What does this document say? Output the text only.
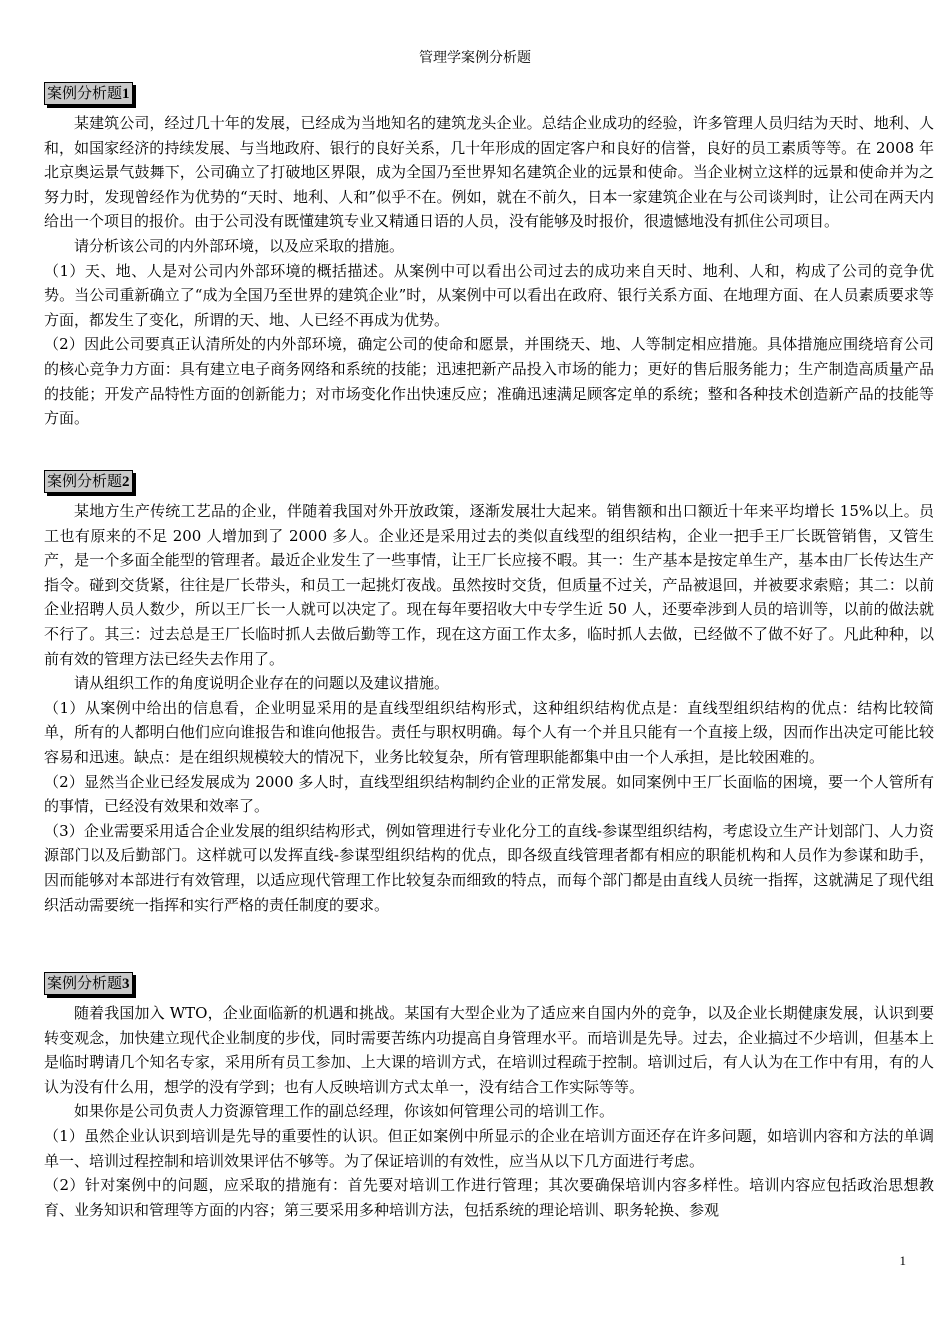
管理学案例分析题
案例分析题1

某建筑公司，经过几十年的发展，已经成为当地知名的建筑龙头企业。总结企业成功的经验，许多管理人员归结为天时、地利、人和，如国家经济的持续发展、与当地政府、银行的良好关系，几十年形成的固定客户和良好的信誉，良好的员工素质等等。在 2008 年北京奥运景气鼓舞下，公司确立了打破地区界限，成为全国乃至世界知名建筑企业的远景和使命。当企业树立这样的远景和使命并为之努力时，发现曾经作为优势的“天时、地利、人和”似乎不在。例如，就在不前久，日本一家建筑企业在与公司谈判时，让公司在两天内给出一个项目的报价。由于公司没有既懂建筑专业又精通日语的人员，没有能够及时报价，很遗憾地没有抓住公司项目。

请分析该公司的内外部环境，以及应采取的措施。

（1）天、地、人是对公司内外部环境的概括描述。从案例中可以看出公司过去的成功来自天时、地利、人和，构成了公司的竞争优势。当公司重新确立了“成为全国乃至世界的建筑企业”时，从案例中可以看出在政府、银行关系方面、在地理方面、在人员素质要求等方面，都发生了变化，所谓的天、地、人已经不再成为优势。

（2）因此公司要真正认清所处的内外部环境，确定公司的使命和愿景，并围绕天、地、人等制定相应措施。具体措施应围绕培育公司的核心竞争力方面：具有建立电子商务网络和系统的技能；迅速把新产品投入市场的能力；更好的售后服务能力；生产制造高质量产品的技能；开发产品特性方面的创新能力；对市场变化作出快速反应；准确迅速满足顾客定单的系统；整和各种技术创造新产品的技能等方面。

案例分析题2

某地方生产传统工艺品的企业，伴随着我国对外开放政策，逐渐发展壮大起来。销售额和出口额近十年来平均增长 15%以上。员工也有原来的不足 200 人增加到了 2000 多人。企业还是采用过去的类似直线型的组织结构，企业一把手王厂长既管销售，又管生产，是一个多面全能型的管理者。最近企业发生了一些事情，让王厂长应接不暇。其一：生产基本是按定单生产，基本由厂长传达生产指令。碰到交货紧，往往是厂长带头，和员工一起挑灯夜战。虽然按时交货，但质量不过关，产品被退回，并被要求索赔；其二：以前企业招聘人员人数少，所以王厂长一人就可以决定了。现在每年要招收大中专学生近 50 人，还要牵涉到人员的培训等，以前的做法就不行了。其三：过去总是王厂长临时抓人去做后勤等工作，现在这方面工作太多，临时抓人去做，已经做不了做不好了。凡此种种，以前有效的管理方法已经失去作用了。

请从组织工作的角度说明企业存在的问题以及建议措施。

（1）从案例中给出的信息看，企业明显采用的是直线型组织结构形式，这种组织结构优点是：直线型组织结构的优点：结构比较简单，所有的人都明白他们应向谁报告和谁向他报告。责任与职权明确。每个人有一个并且只能有一个直接上级，因而作出决定可能比较容易和迅速。缺点：是在组织规模较大的情况下，业务比较复杂，所有管理职能都集中由一个人承担，是比较困难的。

（2）显然当企业已经发展成为 2000 多人时，直线型组织结构制约企业的正常发展。如同案例中王厂长面临的困境，要一个人管所有的事情，已经没有效果和效率了。

（3）企业需要采用适合企业发展的组织结构形式，例如管理进行专业化分工的直线-参谋型组织结构，考虑设立生产计划部门、人力资源部门以及后勤部门。这样就可以发挥直线-参谋型组织结构的优点，即各级直线管理者都有相应的职能机构和人员作为参谋和助手，因而能够对本部进行有效管理，以适应现代管理工作比较复杂而细致的特点，而每个部门都是由直线人员统一指挥，这就满足了现代组织活动需要统一指挥和实行严格的责任制度的要求。

案例分析题3

随着我国加入 WTO，企业面临新的机遇和挑战。某国有大型企业为了适应来自国内外的竞争，以及企业长期健康发展，认识到要转变观念，加快建立现代企业制度的步伐，同时需要苦练内功提高自身管理水平。而培训是先导。过去，企业搞过不少培训，但基本上是临时聘请几个知名专家，采用所有员工参加、上大课的培训方式，在培训过程疏于控制。培训过后，有人认为在工作中有用，有的人认为没有什么用，想学的没有学到；也有人反映培训方式太单一，没有结合工作实际等等。

如果你是公司负责人力资源管理工作的副总经理，你该如何管理公司的培训工作。

（1）虽然企业认识到培训是先导的重要性的认识。但正如案例中所显示的企业在培训方面还存在许多问题，如培训内容和方法的单调单一、培训过程控制和培训效果评估不够等。为了保证培训的有效性，应当从以下几方面进行考虑。

（2）针对案例中的问题，应采取的措施有：首先要对培训工作进行管理；其次要确保培训内容多样性。培训内容应包括政治思想教育、业务知识和管理等方面的内容；第三要采用多种培训方法，包括系统的理论培训、职务轮换、参观

1
